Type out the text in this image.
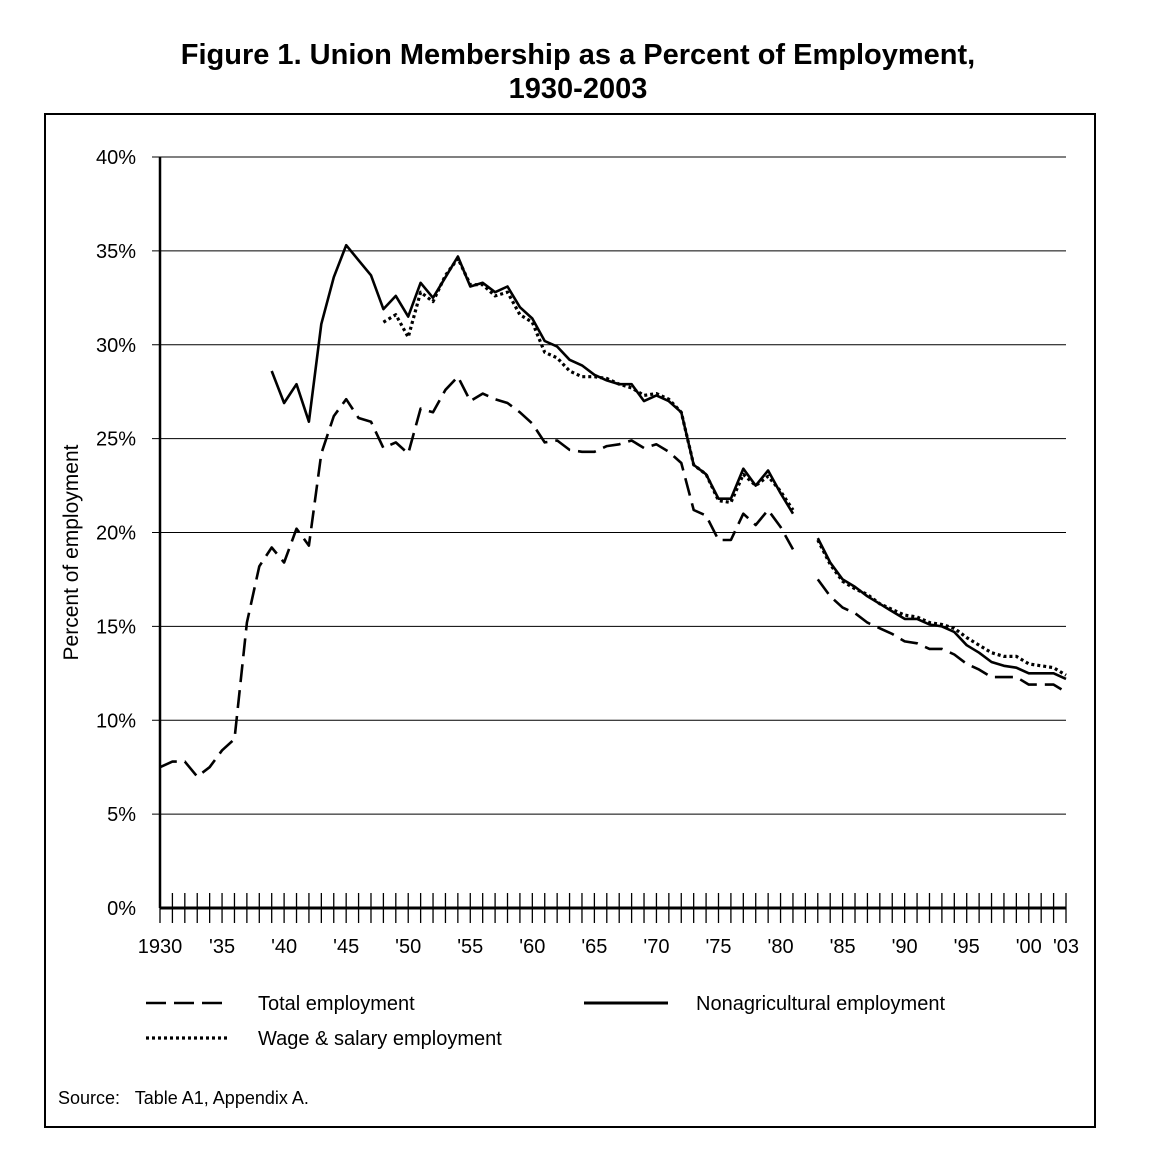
Figure 1. Union Membership as a Percent of Employment,
1930-2003
0%
5%
10%
15%
20%
25%
30%
35%
40%
1930 '35 '40 '45 '50 '55 '60 '65 '70 '75 '80 '85 '90 '95 '00 '03
Percent of employment
Total employment	Nonagricultural employment
Wage & salary employment
Source: Table A1, Appendix A.
